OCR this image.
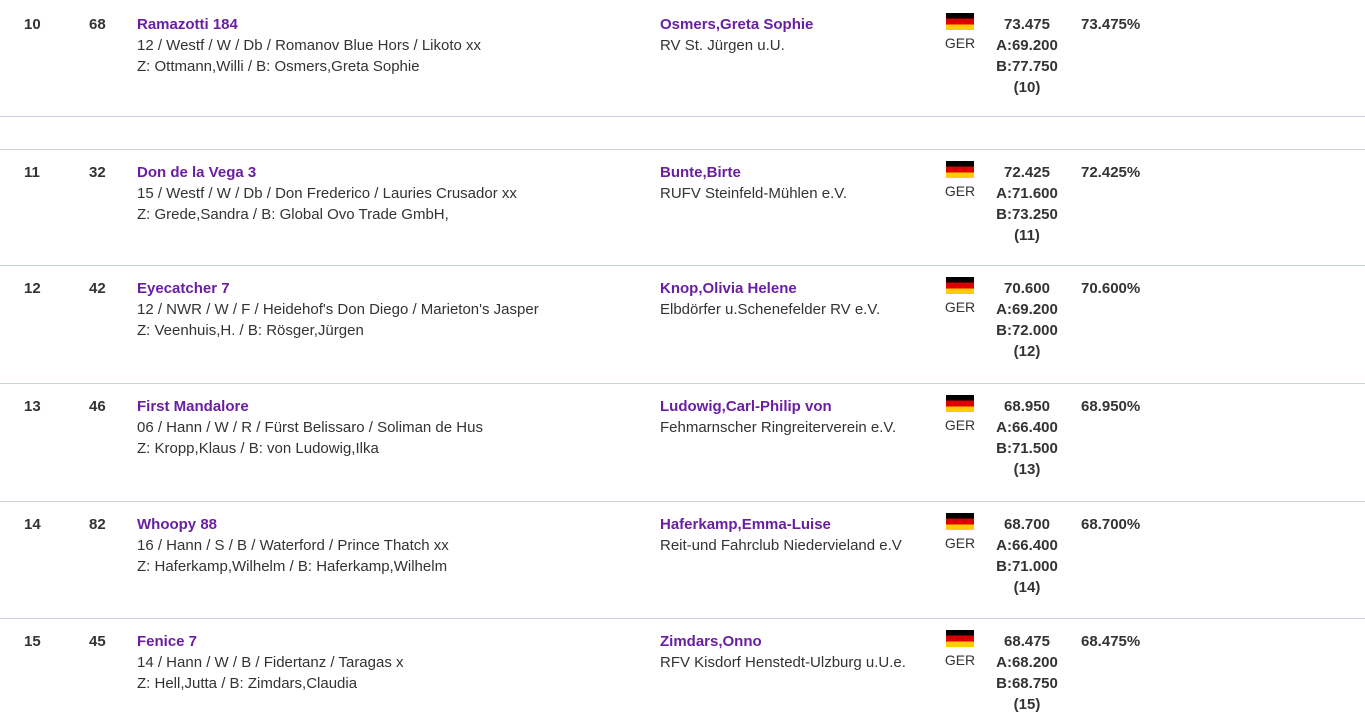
10	68 Ramazotti 184
12 / Westf / W / Db / Romanov Blue Hors / Likoto xx
Z: Ottmann,Willi / B: Osmers,Greta Sophie
Osmers,Greta Sophie
RV St. Jürgen u.U.	GER
73.475
A:69.200
B:77.750
(10)
73.475%
11	32 Don de la Vega 3
15 / Westf / W / Db / Don Frederico / Lauries Crusador xx
Z: Grede,Sandra / B: Global Ovo Trade GmbH,
Bunte,Birte
RUFV Steinfeld-Mühlen e.V.	GER
72.425
A:71.600
B:73.250
(11)
72.425%
12	42 Eyecatcher 7
12 / NWR / W / F / Heidehof's Don Diego / Marieton's Jasper
Z: Veenhuis,H. / B: Rösger,Jürgen
Knop,Olivia Helene
Elbdörfer u.Schenefelder RV e.V.	GER
70.600
A:69.200
B:72.000
(12)
70.600%
13	46 First Mandalore
06 / Hann / W / R / Fürst Belissaro / Soliman de Hus
Z: Kropp,Klaus / B: von Ludowig,Ilka
Ludowig,Carl-Philip von
Fehmarnscher Ringreiterverein e.V.	GER
68.950
A:66.400
B:71.500
(13)
68.950%
14	82 Whoopy 88
16 / Hann / S / B / Waterford / Prince Thatch xx
Z: Haferkamp,Wilhelm / B: Haferkamp,Wilhelm
Haferkamp,Emma-Luise
Reit-und Fahrclub Niedervieland e.V	GER
68.700
A:66.400
B:71.000
(14)
68.700%
15	45 Fenice 7
14 / Hann / W / B / Fidertanz / Taragas x
Z: Hell,Jutta / B: Zimdars,Claudia
Zimdars,Onno
RFV Kisdorf Henstedt-Ulzburg u.U.e.	GER
68.475
A:68.200
B:68.750
(15)
68.475%
